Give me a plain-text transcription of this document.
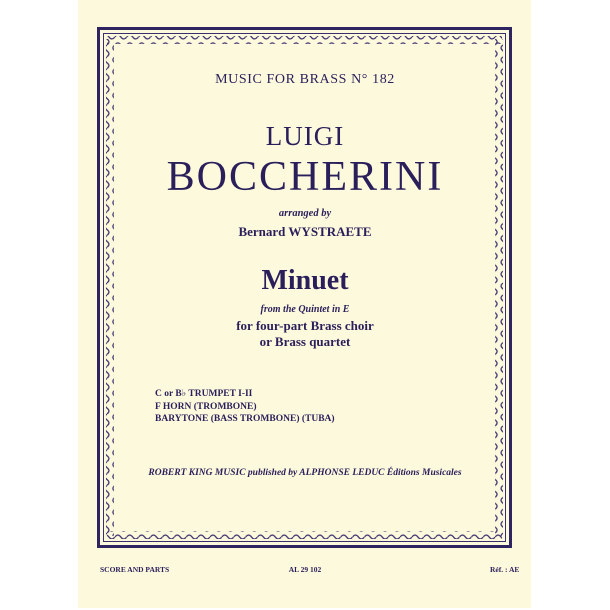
MUSIC FOR BRASS N° 182
LUIGI
BOCCHERINI
arranged by
Bernard WYSTRAETE
Minuet
from the Quintet in E
for four-part Brass choir
or Brass quartet
C or B♭ TRUMPET I-II
F HORN (TROMBONE)
BARYTONE (BASS TROMBONE) (TUBA)
ROBERT KING MUSIC published by ALPHONSE LEDUC Éditions Musicales
SCORE AND PARTS	AL 29 102	Réf. : AE
